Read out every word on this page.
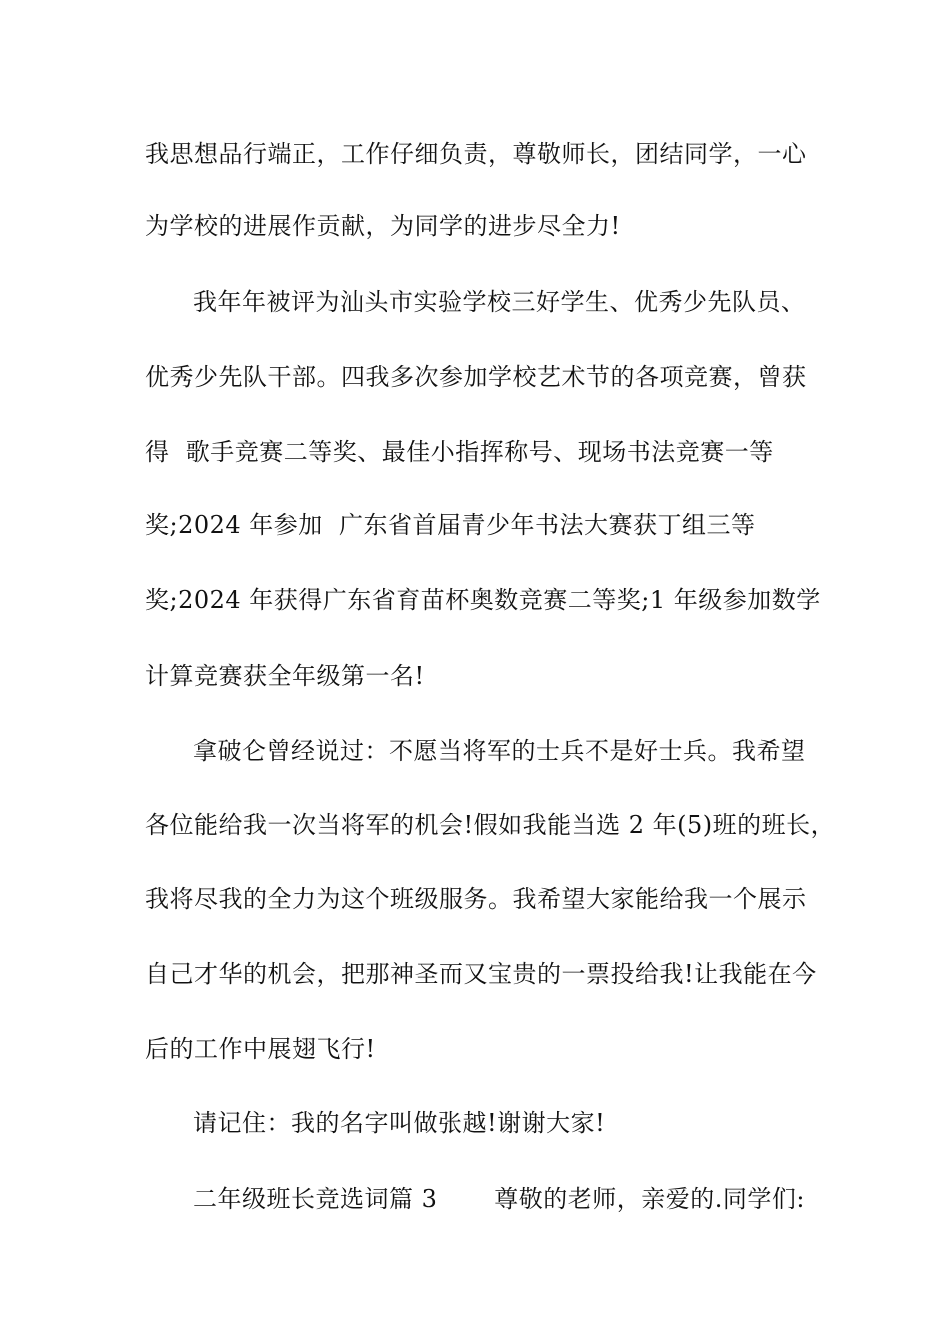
我思想品行端正，工作仔细负责，尊敬师长，团结同学，一心
为学校的进展作贡献，为同学的进步尽全力!
我年年被评为汕头市实验学校三好学生、优秀少先队员、
优秀少先队干部。四我多次参加学校艺术节的各项竞赛，曾获
得  歌手竞赛二等奖、最佳小指挥称号、现场书法竞赛一等
奖;2024 年参加  广东省首届青少年书法大赛获丁组三等
奖;2024 年获得广东省育苗杯奥数竞赛二等奖;1 年级参加数学
计算竞赛获全年级第一名!
拿破仑曾经说过：不愿当将军的士兵不是好士兵。我希望
各位能给我一次当将军的机会!假如我能当选 2 年(5)班的班长，
我将尽我的全力为这个班级服务。我希望大家能给我一个展示
自己才华的机会，把那神圣而又宝贵的一票投给我!让我能在今
后的工作中展翅飞行!
请记住：我的名字叫做张越!谢谢大家!
二年级班长竞选词篇 3       尊敬的老师，亲爱的.同学们:
